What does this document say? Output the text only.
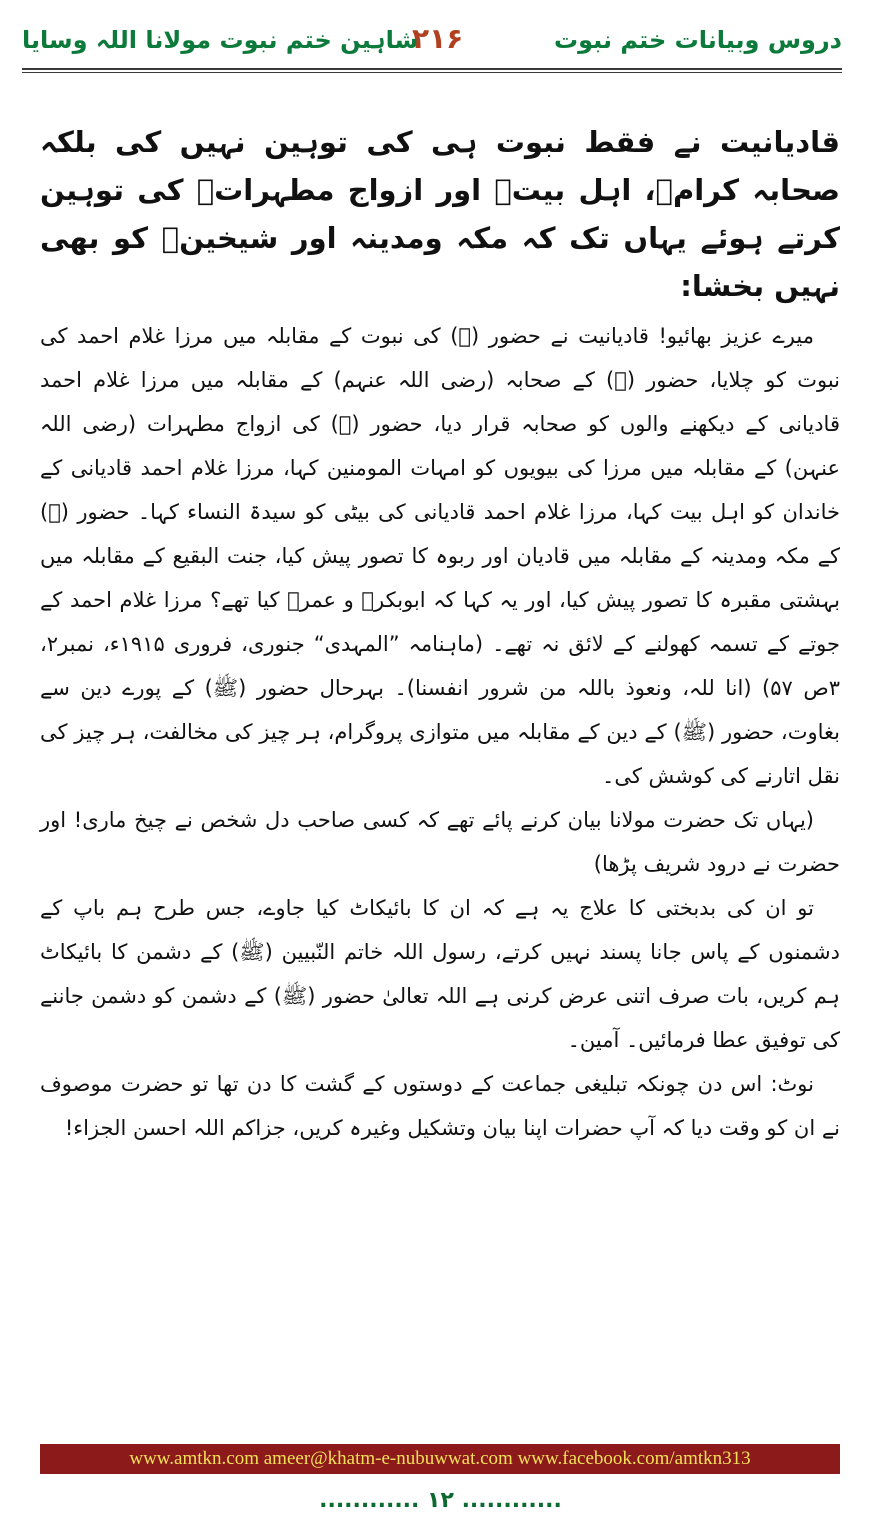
دروس وبیانات ختم نبوت
۲۱۶
شاہین ختم نبوت مولانا اللہ وسایا

قادیانیت نے فقط نبوت ہی کی توہین نہیں کی بلکہ صحابہ کرامؓ، اہل بیتؓ اور ازواج مطہراتؓ کی توہین کرتے ہوئے یہاں تک کہ مکہ ومدینہ اور شیخینؓ کو بھی نہیں بخشا:

میرے عزیز بھائیو! قادیانیت نے حضور (ﷺ) کی نبوت کے مقابلہ میں مرزا غلام احمد کی نبوت کو چلایا، حضور (ﷺ) کے صحابہ (رضی اللہ عنہم) کے مقابلہ میں مرزا غلام احمد قادیانی کے دیکھنے والوں کو صحابہ قرار دیا، حضور (ﷺ) کی ازواج مطہرات (رضی اللہ عنہن) کے مقابلہ میں مرزا کی بیویوں کو امہات المومنین کہا، مرزا غلام احمد قادیانی کے خاندان کو اہل بیت کہا، مرزا غلام احمد قادیانی کی بیٹی کو سیدۃ النساء کہا۔ حضور (ﷺ) کے مکہ ومدینہ کے مقابلہ میں قادیان اور ربوہ کا تصور پیش کیا، جنت البقیع کے مقابلہ میں بہشتی مقبرہ کا تصور پیش کیا، اور یہ کہا کہ ابوبکرؓ و عمرؓ کیا تھے؟ مرزا غلام احمد کے جوتے کے تسمہ کھولنے کے لائق نہ تھے۔ (ماہنامہ ”المہدی“ جنوری، فروری ۱۹۱۵ء، نمبر۲، ۳ص ۵۷) (انا للہ، ونعوذ باللہ من شرور انفسنا)۔ بہرحال حضور (ﷺ) کے پورے دین سے بغاوت، حضور (ﷺ) کے دین کے مقابلہ میں متوازی پروگرام، ہر چیز کی مخالفت، ہر چیز کی نقل اتارنے کی کوشش کی۔

(یہاں تک حضرت مولانا بیان کرنے پائے تھے کہ کسی صاحب دل شخص نے چیخ ماری! اور حضرت نے درود شریف پڑھا)

تو ان کی بدبختی کا علاج یہ ہے کہ ان کا بائیکاٹ کیا جاوے، جس طرح ہم باپ کے دشمنوں کے پاس جانا پسند نہیں کرتے، رسول اللہ خاتم النّبیین (ﷺ) کے دشمن کا بائیکاٹ ہم کریں، بات صرف اتنی عرض کرنی ہے اللہ تعالیٰ حضور (ﷺ) کے دشمن کو دشمن جاننے کی توفیق عطا فرمائیں۔ آمین۔

نوٹ: اس دن چونکہ تبلیغی جماعت کے دوستوں کے گشت کا دن تھا تو حضرت موصوف نے ان کو وقت دیا کہ آپ حضرات اپنا بیان وتشکیل وغیرہ کریں، جزاکم اللہ احسن الجزاء!

www.amtkn.com ameer@khatm-e-nubuwwat.com www.facebook.com/amtkn313
............ ۱۲ ............
